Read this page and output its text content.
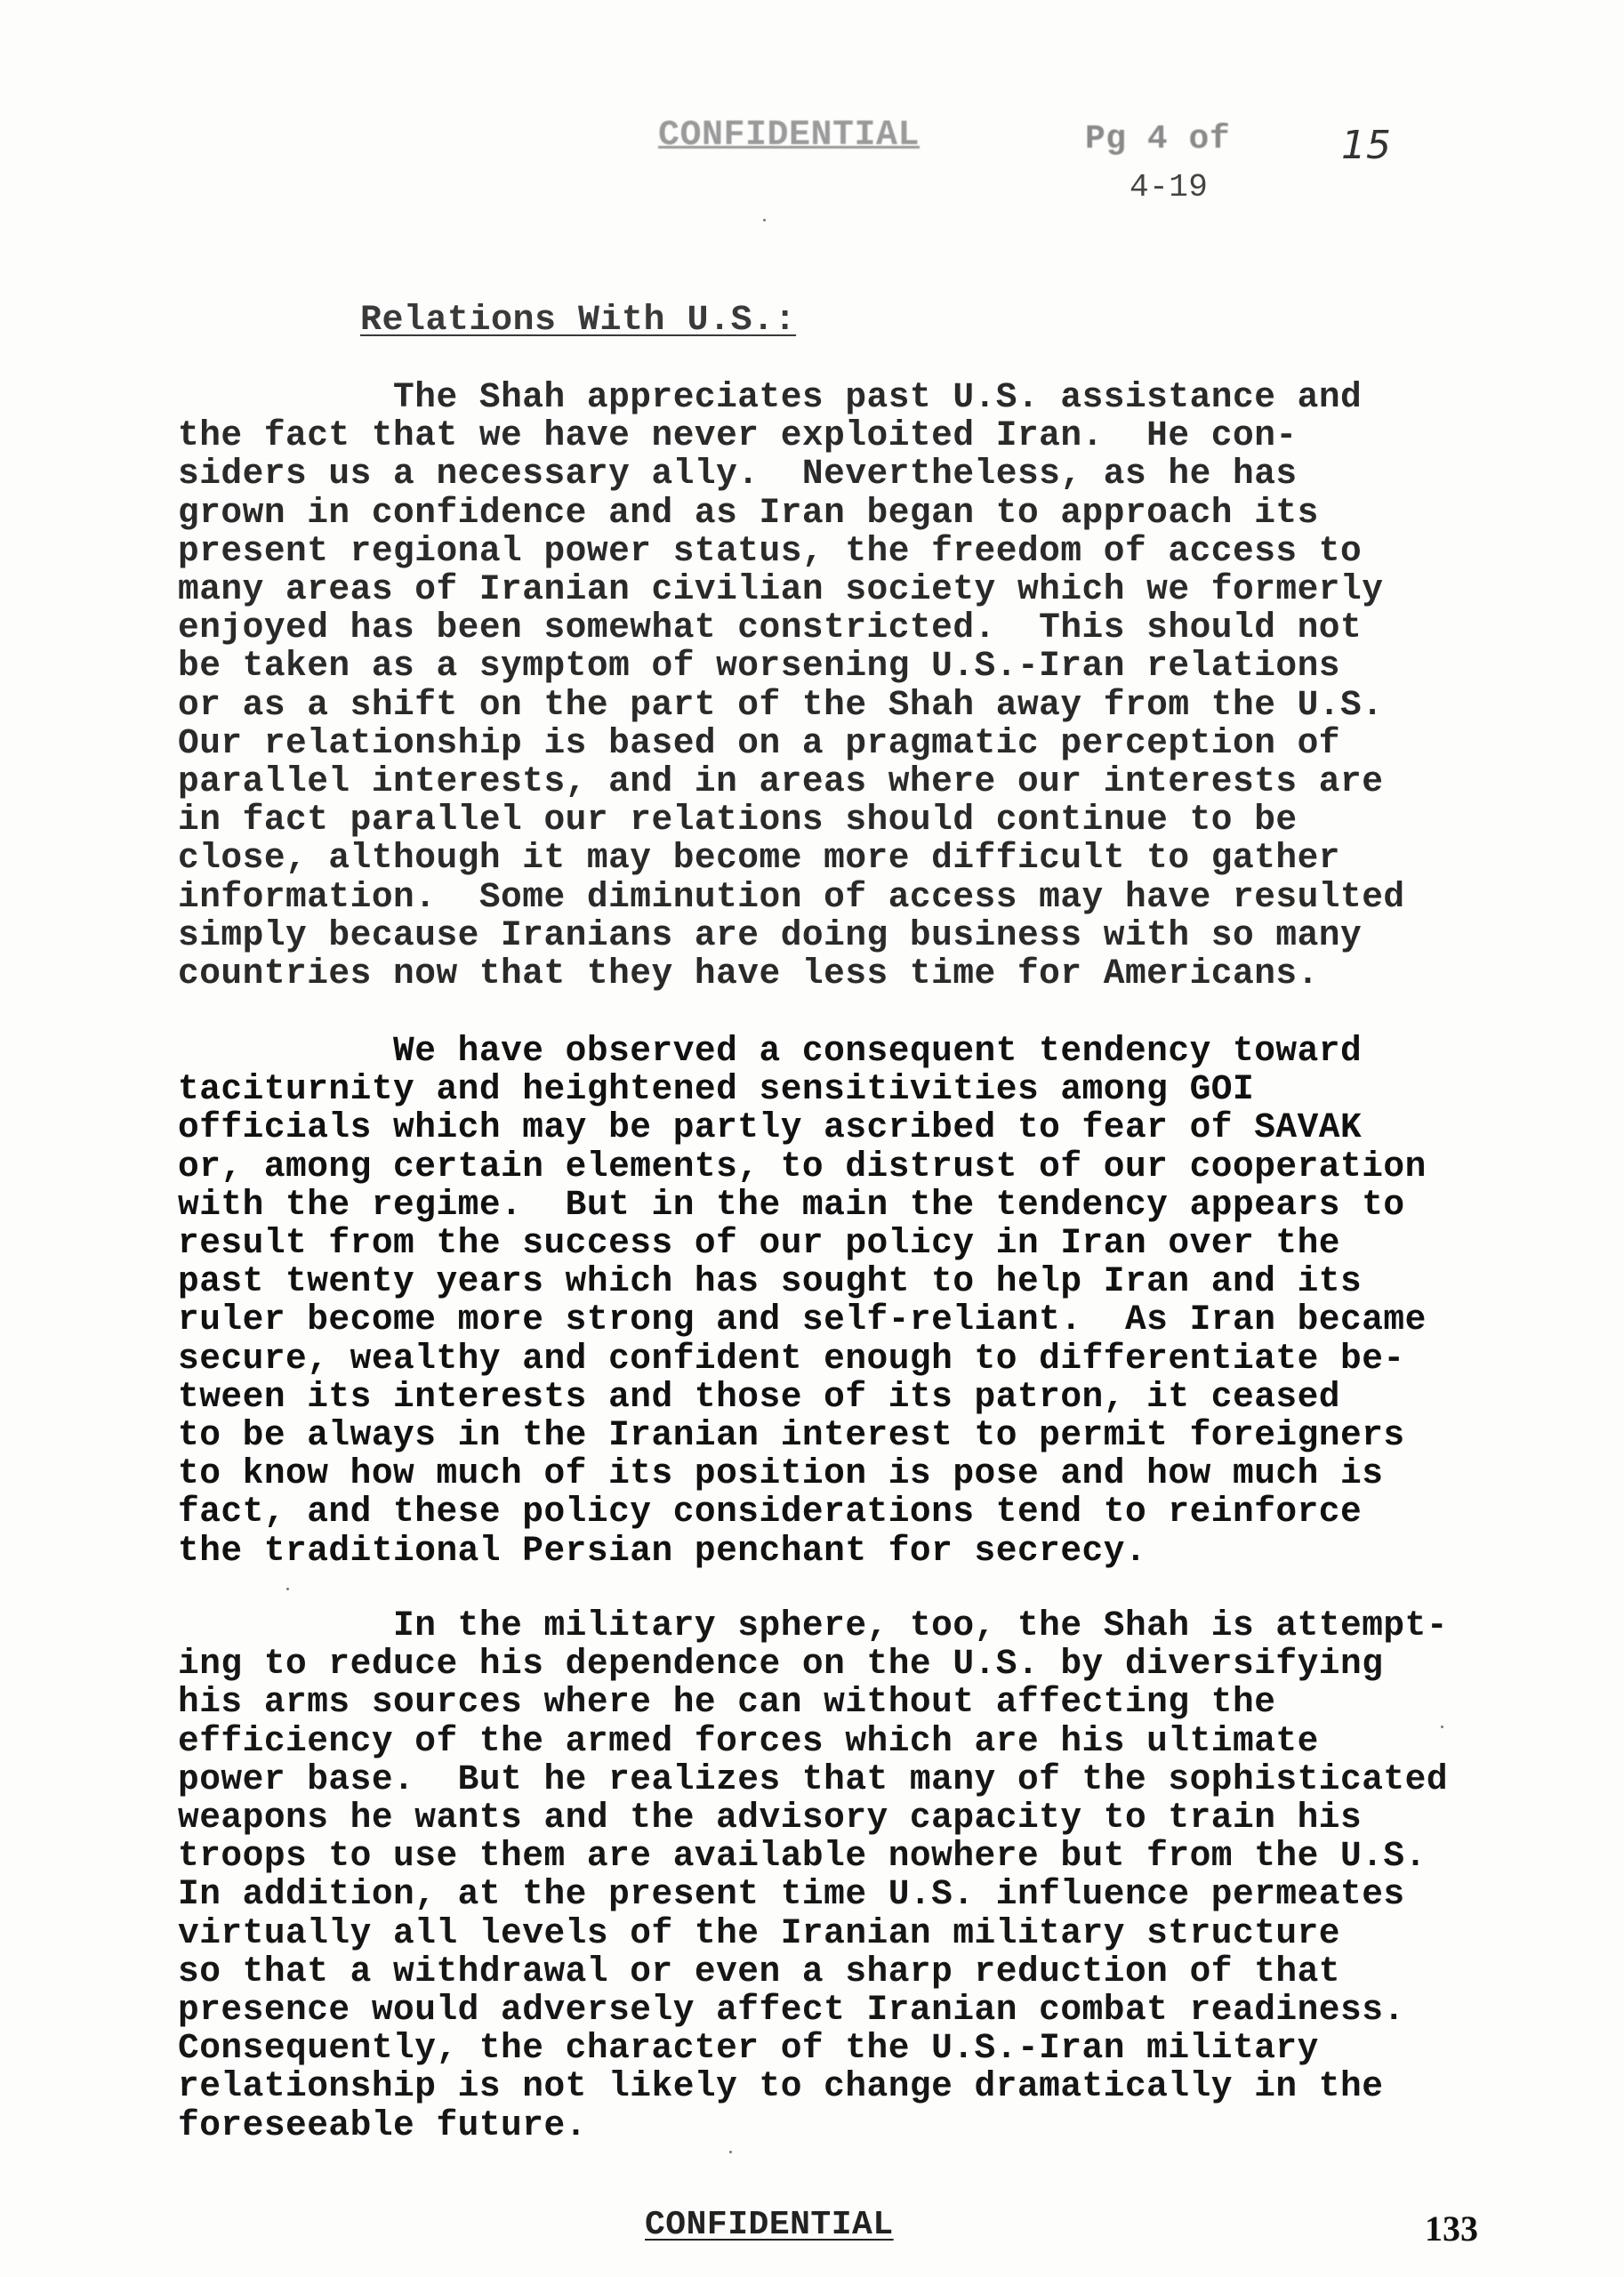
CONFIDENTIAL	Pg 4 of	15
4-19
Relations With U.S.:

The Shah appreciates past U.S. assistance and
the fact that we have never exploited Iran.  He con-
siders us a necessary ally.  Nevertheless, as he has
grown in confidence and as Iran began to approach its
present regional power status, the freedom of access to
many areas of Iranian civilian society which we formerly
enjoyed has been somewhat constricted.  This should not
be taken as a symptom of worsening U.S.-Iran relations
or as a shift on the part of the Shah away from the U.S.
Our relationship is based on a pragmatic perception of
parallel interests, and in areas where our interests are
in fact parallel our relations should continue to be
close, although it may become more difficult to gather
information.  Some diminution of access may have resulted
simply because Iranians are doing business with so many
countries now that they have less time for Americans.

We have observed a consequent tendency toward
taciturnity and heightened sensitivities among GOI
officials which may be partly ascribed to fear of SAVAK
or, among certain elements, to distrust of our cooperation
with the regime.  But in the main the tendency appears to
result from the success of our policy in Iran over the
past twenty years which has sought to help Iran and its
ruler become more strong and self-reliant.  As Iran became
secure, wealthy and confident enough to differentiate be-
tween its interests and those of its patron, it ceased
to be always in the Iranian interest to permit foreigners
to know how much of its position is pose and how much is
fact, and these policy considerations tend to reinforce
the traditional Persian penchant for secrecy.

In the military sphere, too, the Shah is attempt-
ing to reduce his dependence on the U.S. by diversifying
his arms sources where he can without affecting the
efficiency of the armed forces which are his ultimate
power base.  But he realizes that many of the sophisticated
weapons he wants and the advisory capacity to train his
troops to use them are available nowhere but from the U.S.
In addition, at the present time U.S. influence permeates
virtually all levels of the Iranian military structure
so that a withdrawal or even a sharp reduction of that
presence would adversely affect Iranian combat readiness.
Consequently, the character of the U.S.-Iran military
relationship is not likely to change dramatically in the
foreseeable future.

CONFIDENTIAL	133
